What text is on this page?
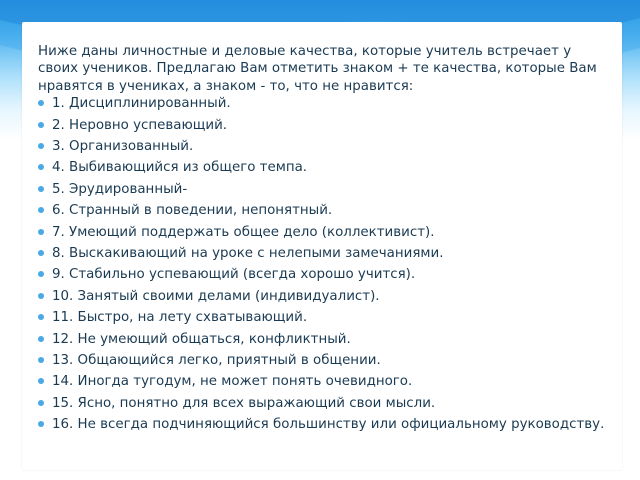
Ниже даны личностные и деловые качества, которые учитель встречает у своих учеников. Предлагаю Вам отметить знаком + те качества, которые Вам нравятся в учениках, а знаком - то, что не нравится:

1. Дисциплинированный.
2. Неровно успевающий.
3. Организованный.
4. Выбивающийся из общего темпа.
5. Эрудированный-
6. Странный в поведении, непонятный.
7. Умеющий поддержать общее дело (коллективист).
8. Выскакивающий на уроке с нелепыми замечаниями.
9. Стабильно успевающий (всегда хорошо учится).
10. Занятый своими делами (индивидуалист).
11. Быстро, на лету схватывающий.
12. Не умеющий общаться, конфликтный.
13. Общающийся легко, приятный в общении.
14. Иногда тугодум, не может понять очевидного.
15. Ясно, понятно для всех выражающий свои мысли.
16. Не всегда подчиняющийся большинству или официальному руководству.
